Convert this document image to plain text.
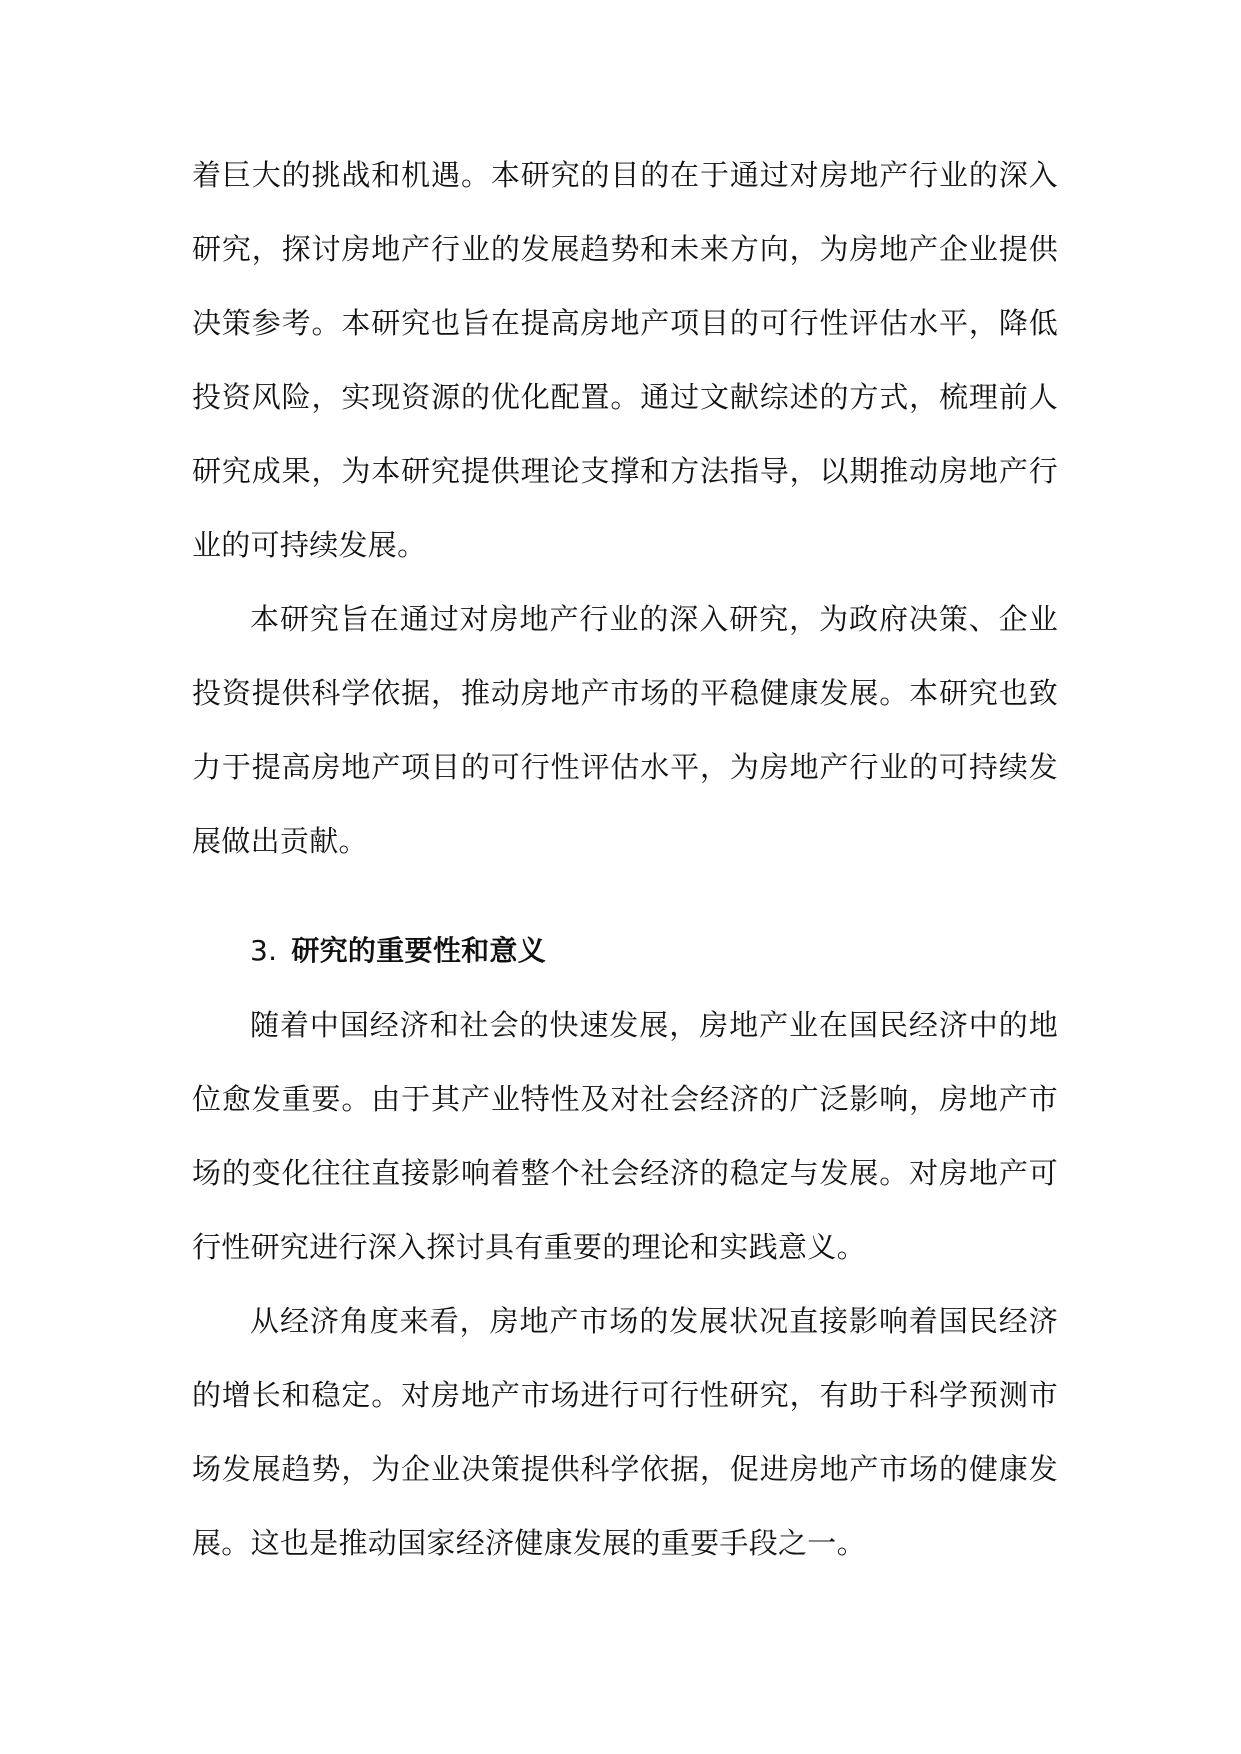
着巨大的挑战和机遇。本研究的目的在于通过对房地产行业的深入研究，探讨房地产行业的发展趋势和未来方向，为房地产企业提供决策参考。本研究也旨在提高房地产项目的可行性评估水平，降低投资风险，实现资源的优化配置。通过文献综述的方式，梳理前人研究成果，为本研究提供理论支撑和方法指导，以期推动房地产行业的可持续发展。

本研究旨在通过对房地产行业的深入研究，为政府决策、企业投资提供科学依据，推动房地产市场的平稳健康发展。本研究也致力于提高房地产项目的可行性评估水平，为房地产行业的可持续发展做出贡献。

3. 研究的重要性和意义

随着中国经济和社会的快速发展，房地产业在国民经济中的地位愈发重要。由于其产业特性及对社会经济的广泛影响，房地产市场的变化往往直接影响着整个社会经济的稳定与发展。对房地产可行性研究进行深入探讨具有重要的理论和实践意义。

从经济角度来看，房地产市场的发展状况直接影响着国民经济的增长和稳定。对房地产市场进行可行性研究，有助于科学预测市场发展趋势，为企业决策提供科学依据，促进房地产市场的健康发展。这也是推动国家经济健康发展的重要手段之一。
